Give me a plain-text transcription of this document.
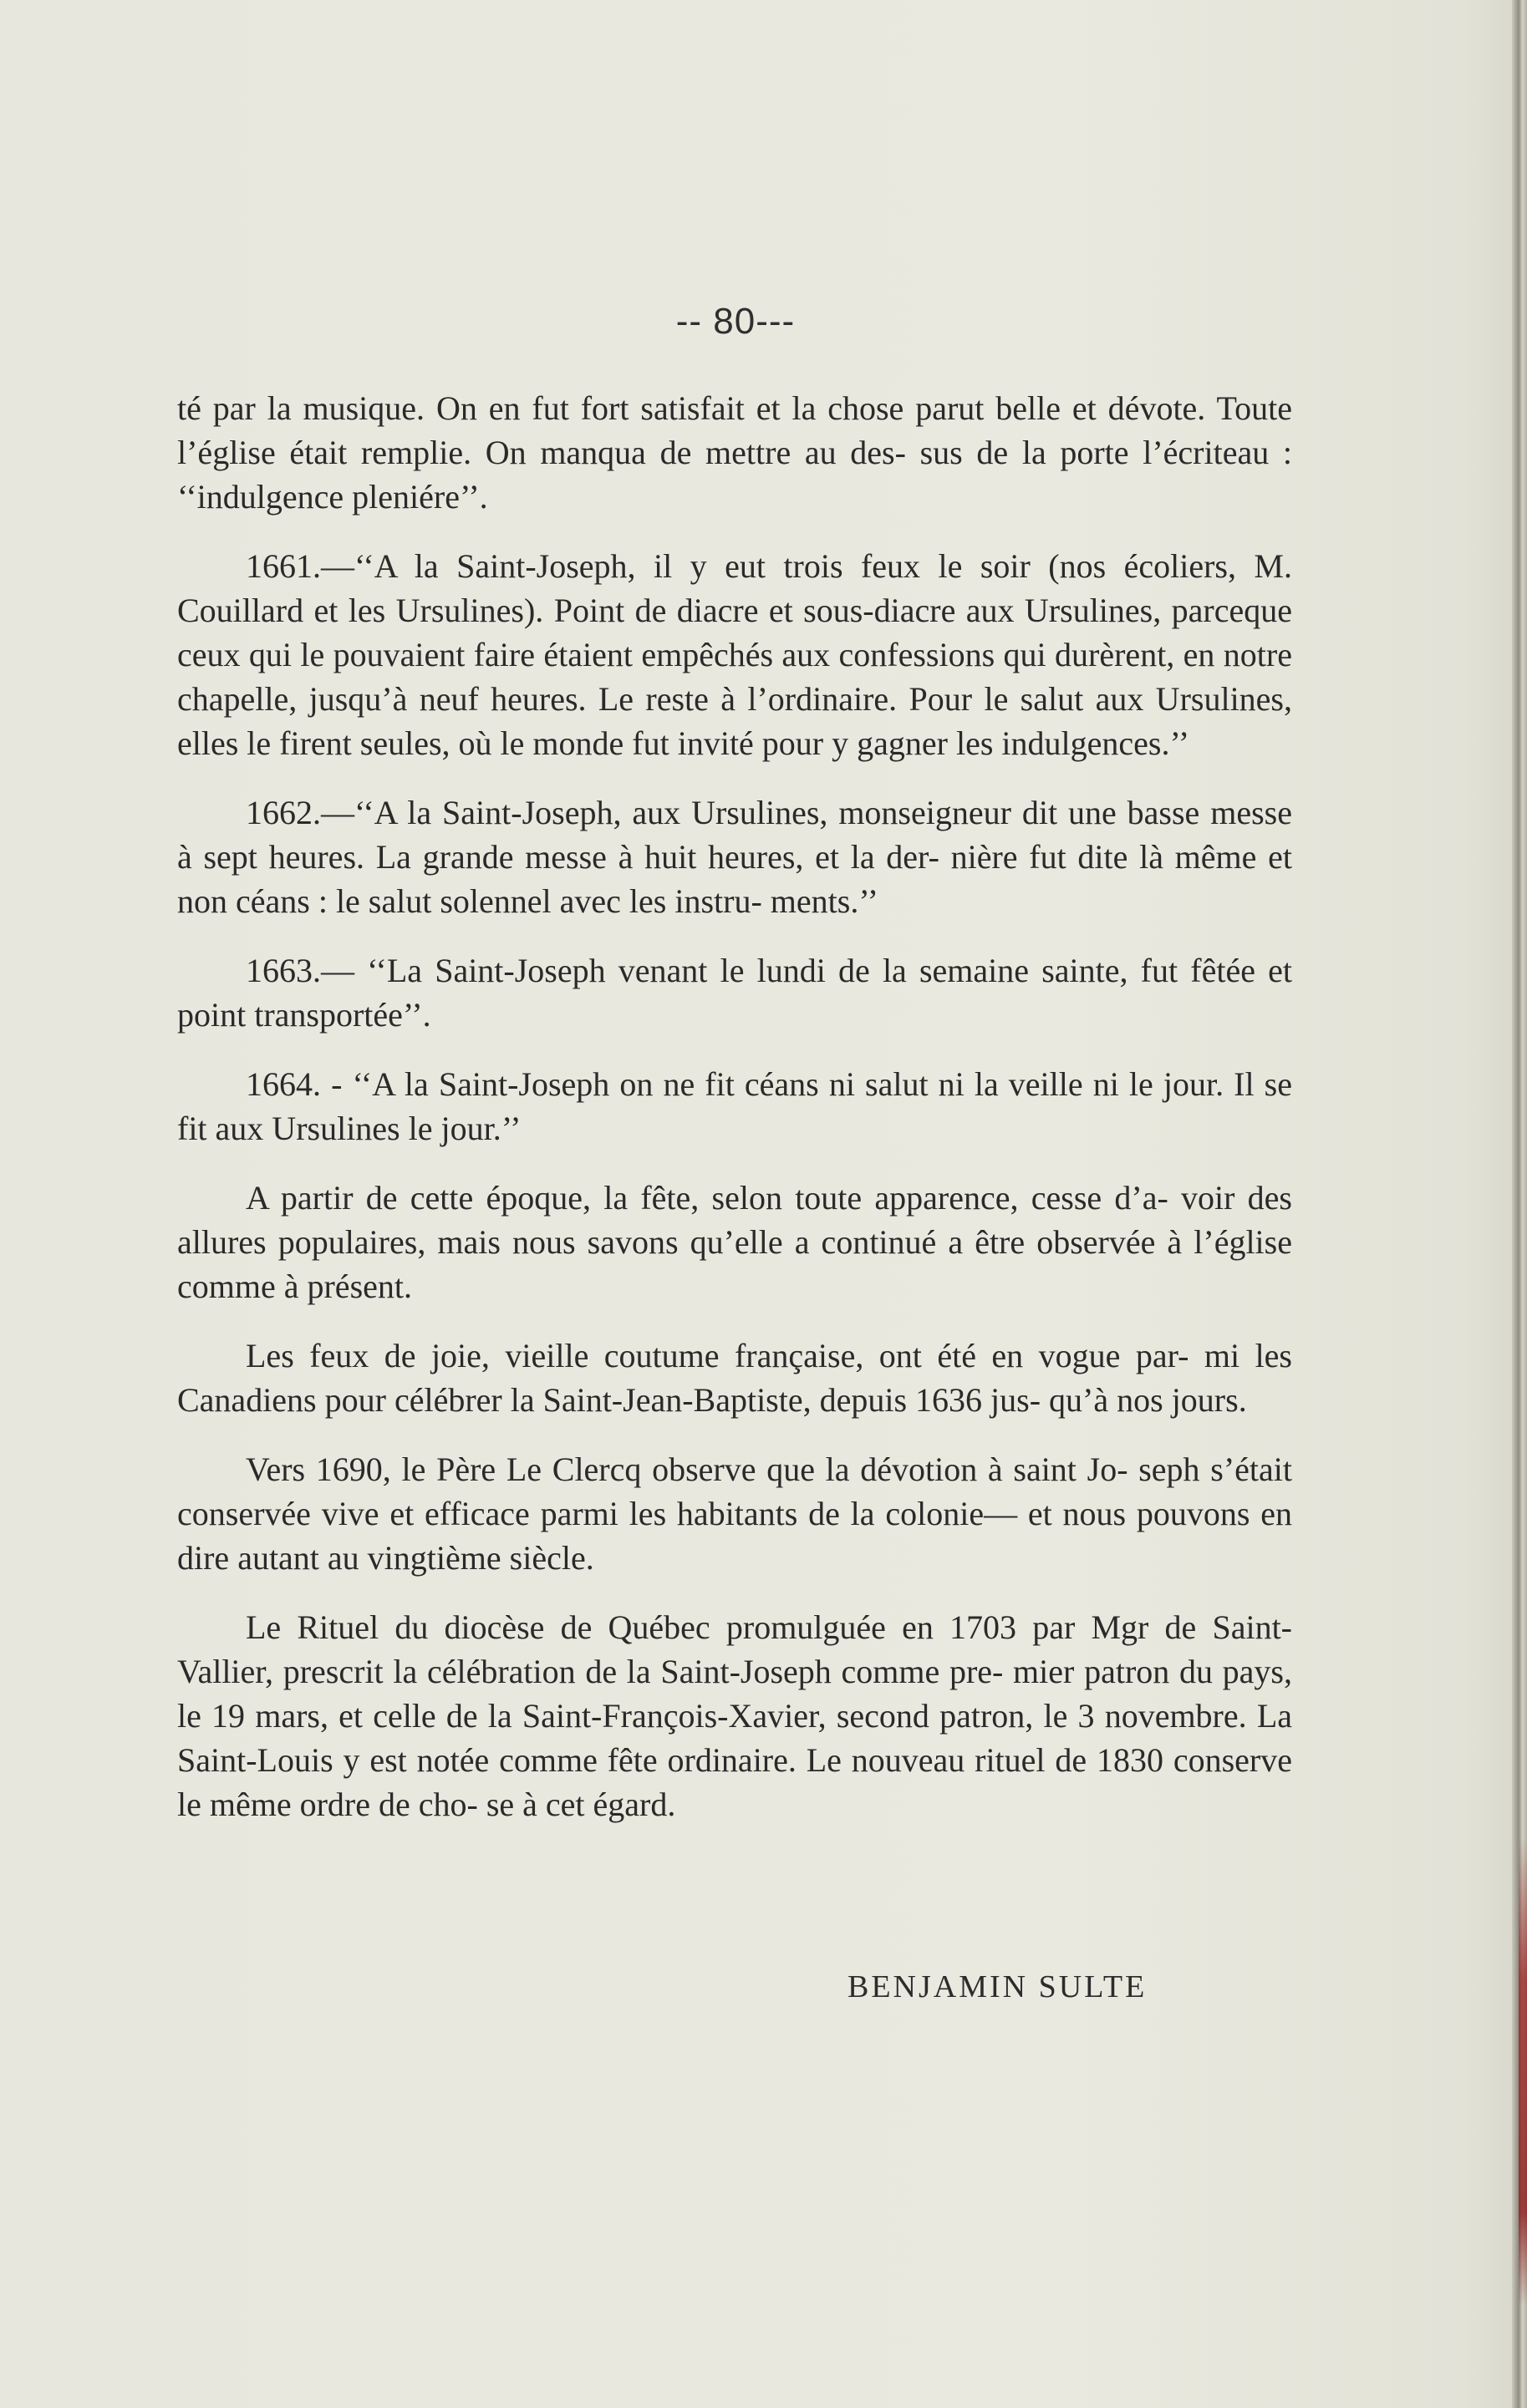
-- 80---

té par la musique. On en fut fort satisfait et la chose parut belle et dévote. Toute l’église était remplie. On manqua de mettre au des- sus de la porte l’écriteau : ‘‘indulgence pleniére’’.

1661.—‘‘A la Saint-Joseph, il y eut trois feux le soir (nos écoliers, M. Couillard et les Ursulines). Point de diacre et sous-diacre aux Ursulines, parceque ceux qui le pouvaient faire étaient empêchés aux confessions qui durèrent, en notre chapelle, jusqu’à neuf heures. Le reste à l’ordinaire. Pour le salut aux Ursulines, elles le firent seules, où le monde fut invité pour y gagner les indulgences.’’

1662.—‘‘A la Saint-Joseph, aux Ursulines, monseigneur dit une basse messe à sept heures. La grande messe à huit heures, et la der- nière fut dite là même et non céans : le salut solennel avec les instru- ments.’’

1663.— ‘‘La Saint-Joseph venant le lundi de la semaine sainte, fut fêtée et point transportée’’.

1664. - ‘‘A la Saint-Joseph on ne fit céans ni salut ni la veille ni le jour. Il se fit aux Ursulines le jour.’’

A partir de cette époque, la fête, selon toute apparence, cesse d’a- voir des allures populaires, mais nous savons qu’elle a continué a être observée à l’église comme à présent.

Les feux de joie, vieille coutume française, ont été en vogue par- mi les Canadiens pour célébrer la Saint-Jean-Baptiste, depuis 1636 jus- qu’à nos jours.

Vers 1690, le Père Le Clercq observe que la dévotion à saint Jo- seph s’était conservée vive et efficace parmi les habitants de la colonie— et nous pouvons en dire autant au vingtième siècle.

Le Rituel du diocèse de Québec promulguée en 1703 par Mgr de Saint-Vallier, prescrit la célébration de la Saint-Joseph comme pre- mier patron du pays, le 19 mars, et celle de la Saint-François-Xavier, second patron, le 3 novembre. La Saint-Louis y est notée comme fête ordinaire. Le nouveau rituel de 1830 conserve le même ordre de cho- se à cet égard.

BENJAMIN SULTE
